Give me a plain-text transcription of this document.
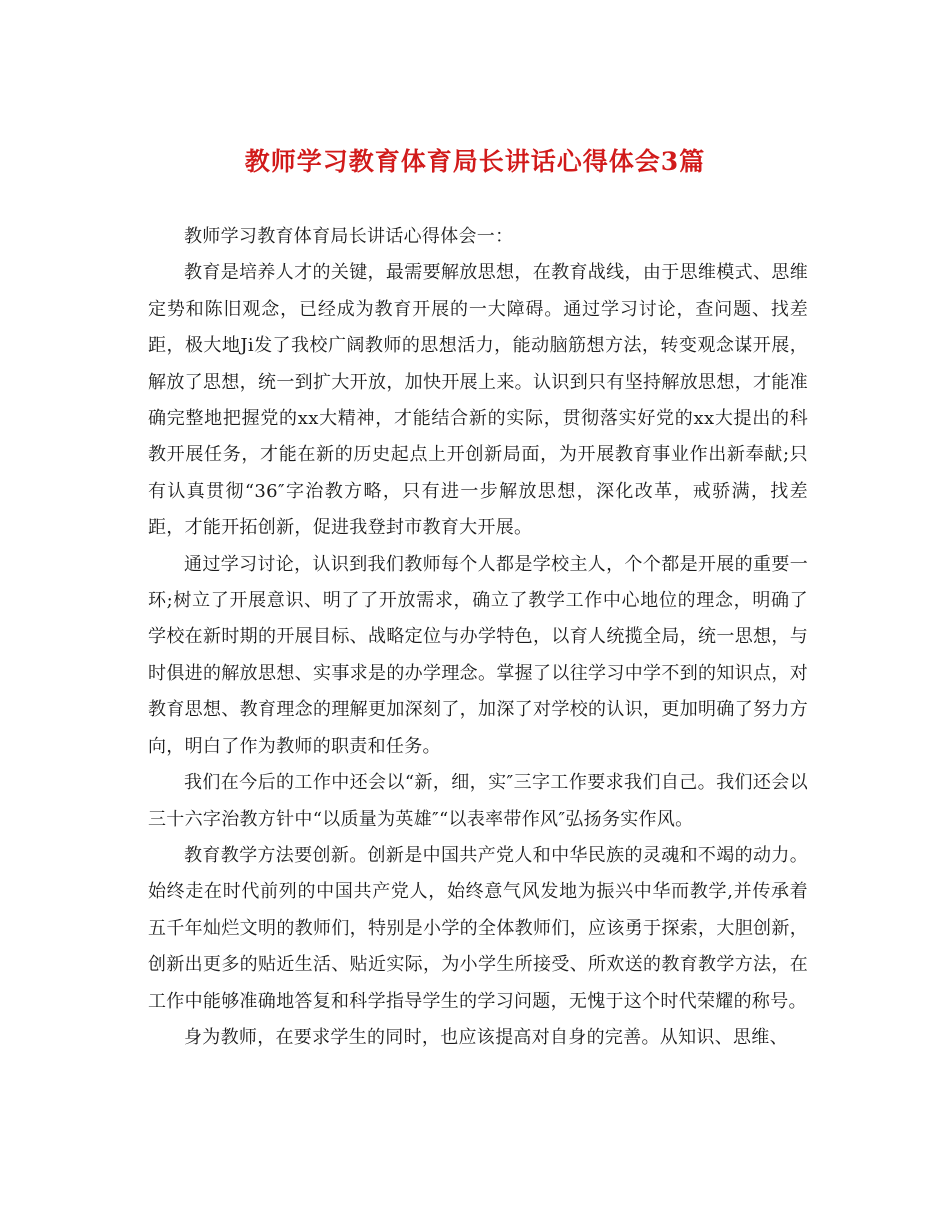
教师学习教育体育局长讲话心得体会3篇

教师学习教育体育局长讲话心得体会一：

教育是培养人才的关键，最需要解放思想，在教育战线，由于思维模式、思维定势和陈旧观念，已经成为教育开展的一大障碍。通过学习讨论，查问题、找差距，极大地Ji发了我校广阔教师的思想活力，能动脑筋想方法，转变观念谋开展，解放了思想，统一到扩大开放，加快开展上来。认识到只有坚持解放思想，才能准确完整地把握党的xx大精神，才能结合新的实际，贯彻落实好党的xx大提出的科教开展任务，才能在新的历史起点上开创新局面，为开展教育事业作出新奉献;只有认真贯彻“36″字治教方略，只有进一步解放思想，深化改革，戒骄满，找差距，才能开拓创新，促进我登封市教育大开展。

通过学习讨论，认识到我们教师每个人都是学校主人，个个都是开展的重要一环;树立了开展意识、明了了开放需求，确立了教学工作中心地位的理念，明确了学校在新时期的开展目标、战略定位与办学特色，以育人统揽全局，统一思想，与时俱进的解放思想、实事求是的办学理念。掌握了以往学习中学不到的知识点，对教育思想、教育理念的理解更加深刻了，加深了对学校的认识，更加明确了努力方向，明白了作为教师的职责和任务。

我们在今后的工作中还会以“新，细，实″三字工作要求我们自己。我们还会以三十六字治教方针中“以质量为英雄″“以表率带作风″弘扬务实作风。

教育教学方法要创新。创新是中国共产党人和中华民族的灵魂和不竭的动力。始终走在时代前列的中国共产党人，始终意气风发地为振兴中华而教学,并传承着五千年灿烂文明的教师们，特别是小学的全体教师们，应该勇于探索，大胆创新，创新出更多的贴近生活、贴近实际，为小学生所接受、所欢送的教育教学方法，在工作中能够准确地答复和科学指导学生的学习问题，无愧于这个时代荣耀的称号。

身为教师，在要求学生的同时，也应该提高对自身的完善。从知识、思维、
